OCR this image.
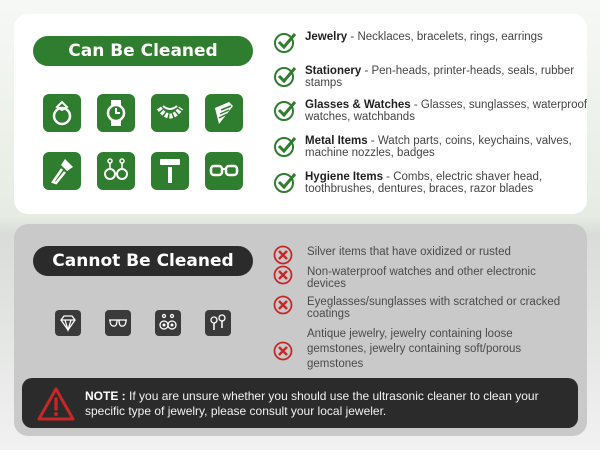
Can Be Cleaned
Jewelry - Necklaces, bracelets, rings, earrings
Stationery - Pen-heads, printer-heads, seals, rubber stamps
Glasses & Watches - Glasses, sunglasses, waterproof watches, watchbands
Metal Items - Watch parts, coins, keychains, valves, machine nozzles, badges
Hygiene Items - Combs, electric shaver head, toothbrushes, dentures, braces, razor blades
Cannot Be Cleaned	Silver items that have oxidized or rusted
Non-waterproof watches and other electronic devices
Eyeglasses/sunglasses with scratched or cracked coatings
Antique jewelry, jewelry containing loose gemstones, jewelry containing soft/porous gemstones
NOTE : If you are unsure whether you should use the ultrasonic cleaner to clean your specific type of jewelry, please consult your local jeweler.
